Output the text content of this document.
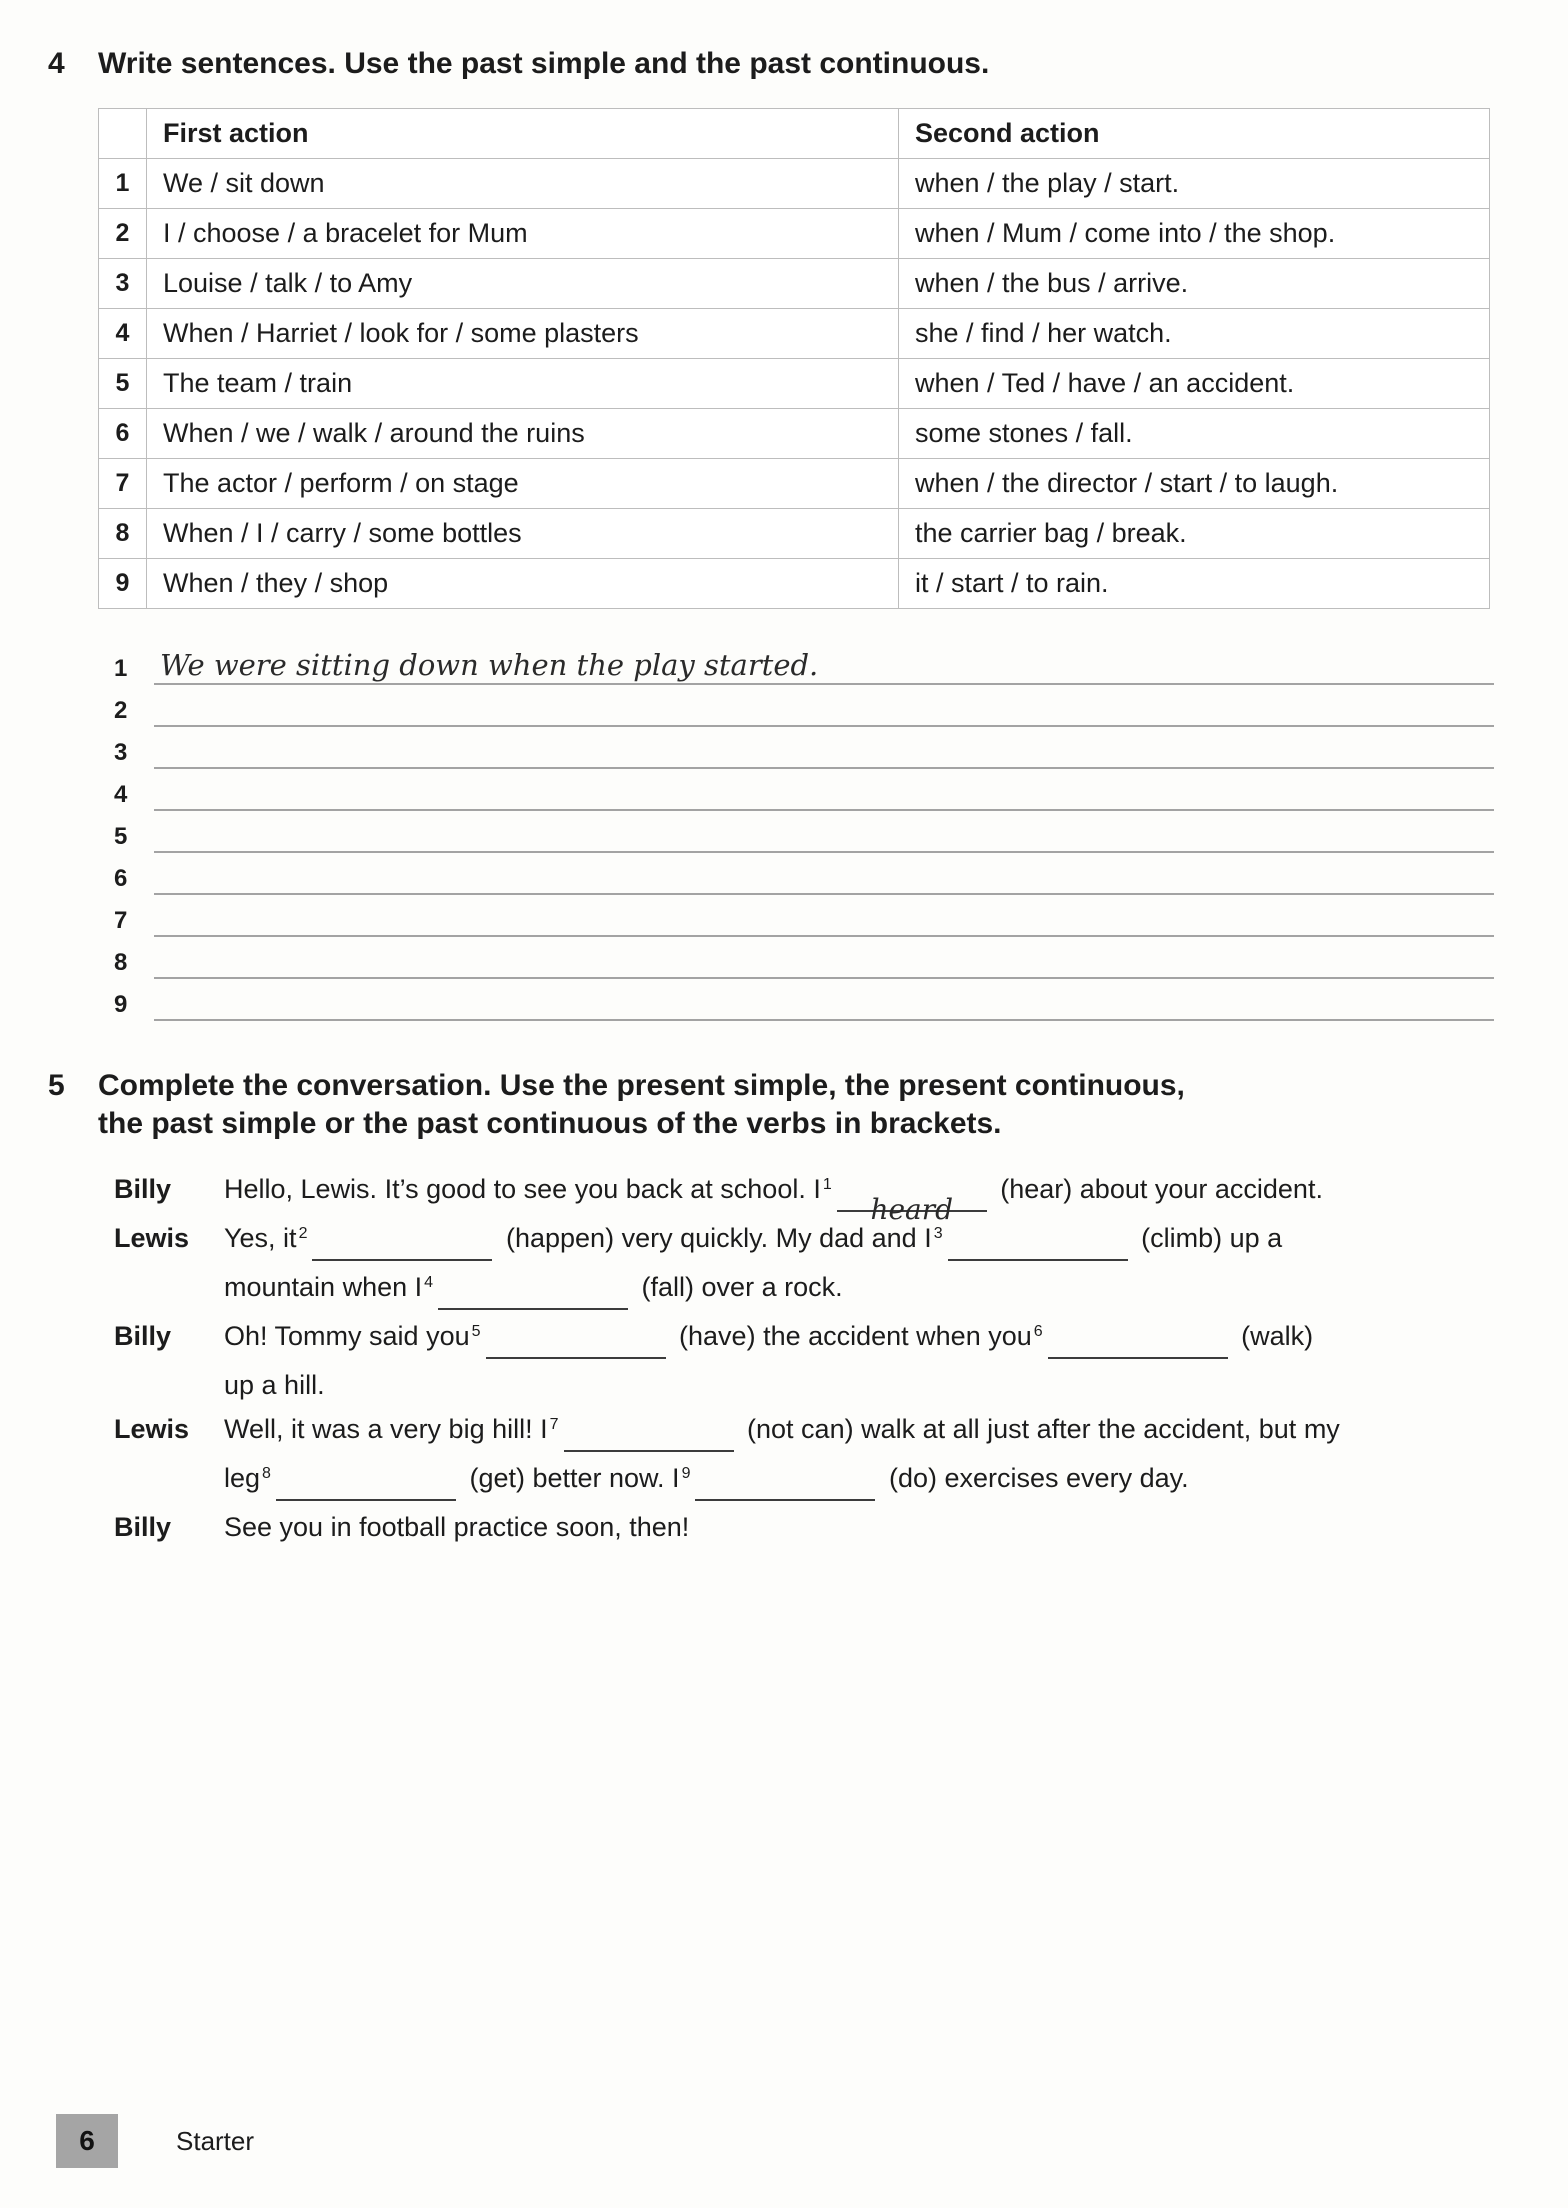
4 Write sentences. Use the past simple and the past continuous.
	First action	Second action
1	We / sit down	when / the play / start.
2	I / choose / a bracelet for Mum	when / Mum / come into / the shop.
3	Louise / talk / to Amy	when / the bus / arrive.
4	When / Harriet / look for / some plasters	she / find / her watch.
5	The team / train	when / Ted / have / an accident.
6	When / we / walk / around the ruins	some stones / fall.
7	The actor / perform / on stage	when / the director / start / to laugh.
8	When / I / carry / some bottles	the carrier bag / break.
9	When / they / shop	it / start / to rain.
1	We were sitting down when the play started.
2
3
4
5
6
7
8
9
5 Complete the conversation. Use the present simple, the present continuous,
the past simple or the past continuous of the verbs in brackets.
Billy	Hello, Lewis. It’s good to see you back at school. I $^1$heard (hear) about your accident.
Lewis	Yes, it $^2$	(happen) very quickly. My dad and I $^3$	(climb) up a
mountain when I $^4$	(fall) over a rock.
Billy	Oh! Tommy said you $^5$	(have) the accident when you $^6$	(walk)
up a hill.
Lewis	Well, it was a very big hill! I $^7$	(not can) walk at all just after the accident, but my
leg $^8$	(get) better now. I $^9$	(do) exercises every day.
Billy	See you in football practice soon, then!
6	Starter
